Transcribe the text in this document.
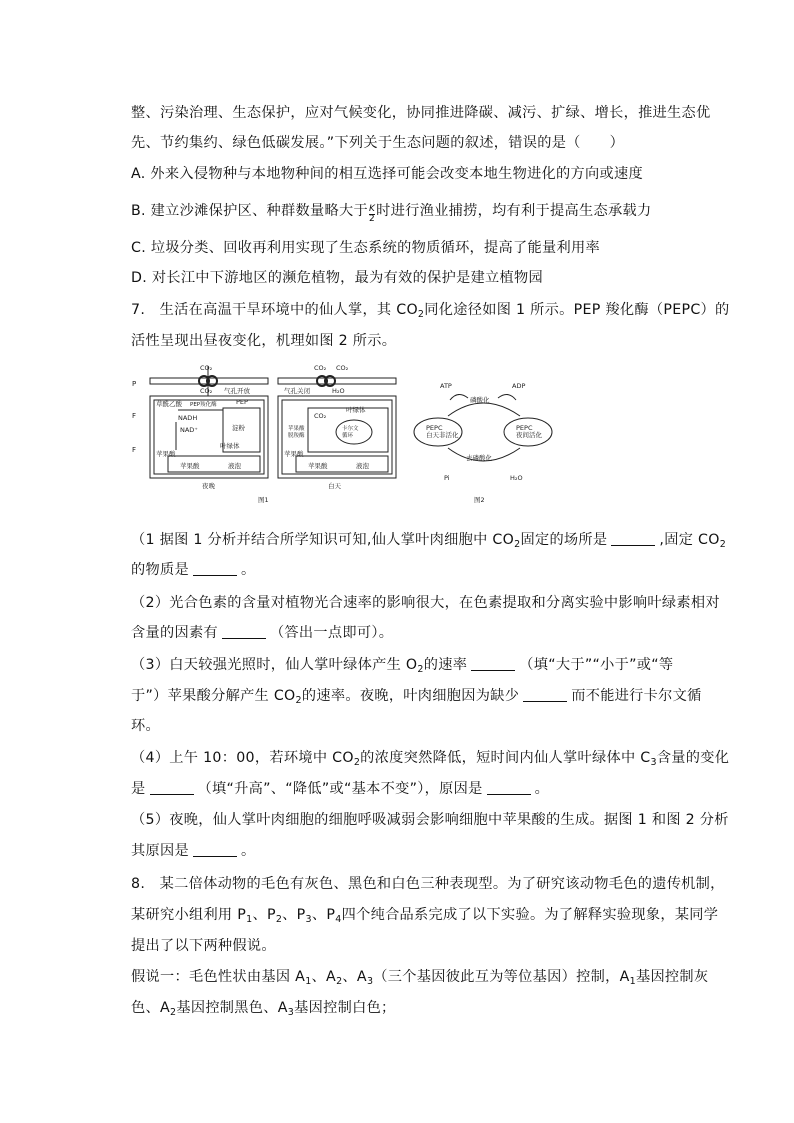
整、污染治理、生态保护，应对气候变化，协同推进降碳、减污、扩绿、增长，推进生态优
先、节约集约、绿色低碳发展。”下列关于生态问题的叙述，错误的是（　　）
A. 外来入侵物种与本地物种间的相互选择可能会改变本地生物进化的方向或速度
B. 建立沙滩保护区、种群数量略大于 $\frac{K}{2}$ 时进行渔业捕捞，均有利于提高生态承载力
C. 垃圾分类、回收再利用实现了生态系统的物质循环，提高了能量利用率
D. 对长江中下游地区的濒危植物，最为有效的保护是建立植物园
7.　生活在高温干旱环境中的仙人掌，其 $CO_2$同化途径如图 1 所示。PEP 羧化酶（PEPC）的
活性呈现出昼夜变化，机理如图 2 所示。
P
F
F
CO₂
CO₂ 气孔开放
草酰乙酸 PEP羧化酶	PEP
NADH
NAD⁺	淀粉
叶绿体
苹果酸
苹果酸	液泡
夜晚
图1
CO₂ CO₂
气孔关闭	H₂O
叶绿体
CO₂
苹果酸脱羧酶
卡尔文循环
苹果酸
苹果酸	液泡
白天
ATP	ADP
磷酸化
PEPC 白天非活化
PEPC 夜间活化
去磷酸化
Pi	H₂O
图2
（1 据图 1 分析并结合所学知识可知,仙人掌叶肉细胞中 $CO_2$固定的场所是	,固定 $CO_2$
的物质是	。
（2）光合色素的含量对植物光合速率的影响很大，在色素提取和分离实验中影响叶绿素相对
含量的因素有	（答出一点即可）。
（3）白天较强光照时，仙人掌叶绿体产生 $O_2$的速率	（填“大于”“小于”或“等
于”）苹果酸分解产生 $CO_2$的速率。夜晚，叶肉细胞因为缺少	而不能进行卡尔文循
环。
（4）上午 10：00，若环境中 $CO_2$的浓度突然降低，短时间内仙人掌叶绿体中 $C_3$含量的变化
是	（填“升高”、“降低”或“基本不变”），原因是	。
（5）夜晚，仙人掌叶肉细胞的细胞呼吸减弱会影响细胞中苹果酸的生成。据图 1 和图 2 分析
其原因是	。
8.　某二倍体动物的毛色有灰色、黑色和白色三种表现型。为了研究该动物毛色的遗传机制，
某研究小组利用 $P_1$、$P_2$、$P_3$、$P_4$四个纯合品系完成了以下实验。为了解释实验现象，某同学
提出了以下两种假说。
假说一：毛色性状由基因 $A_1$、$A_2$、$A_3$（三个基因彼此互为等位基因）控制，$A_1$基因控制灰
色、$A_2$基因控制黑色、$A_3$基因控制白色；
